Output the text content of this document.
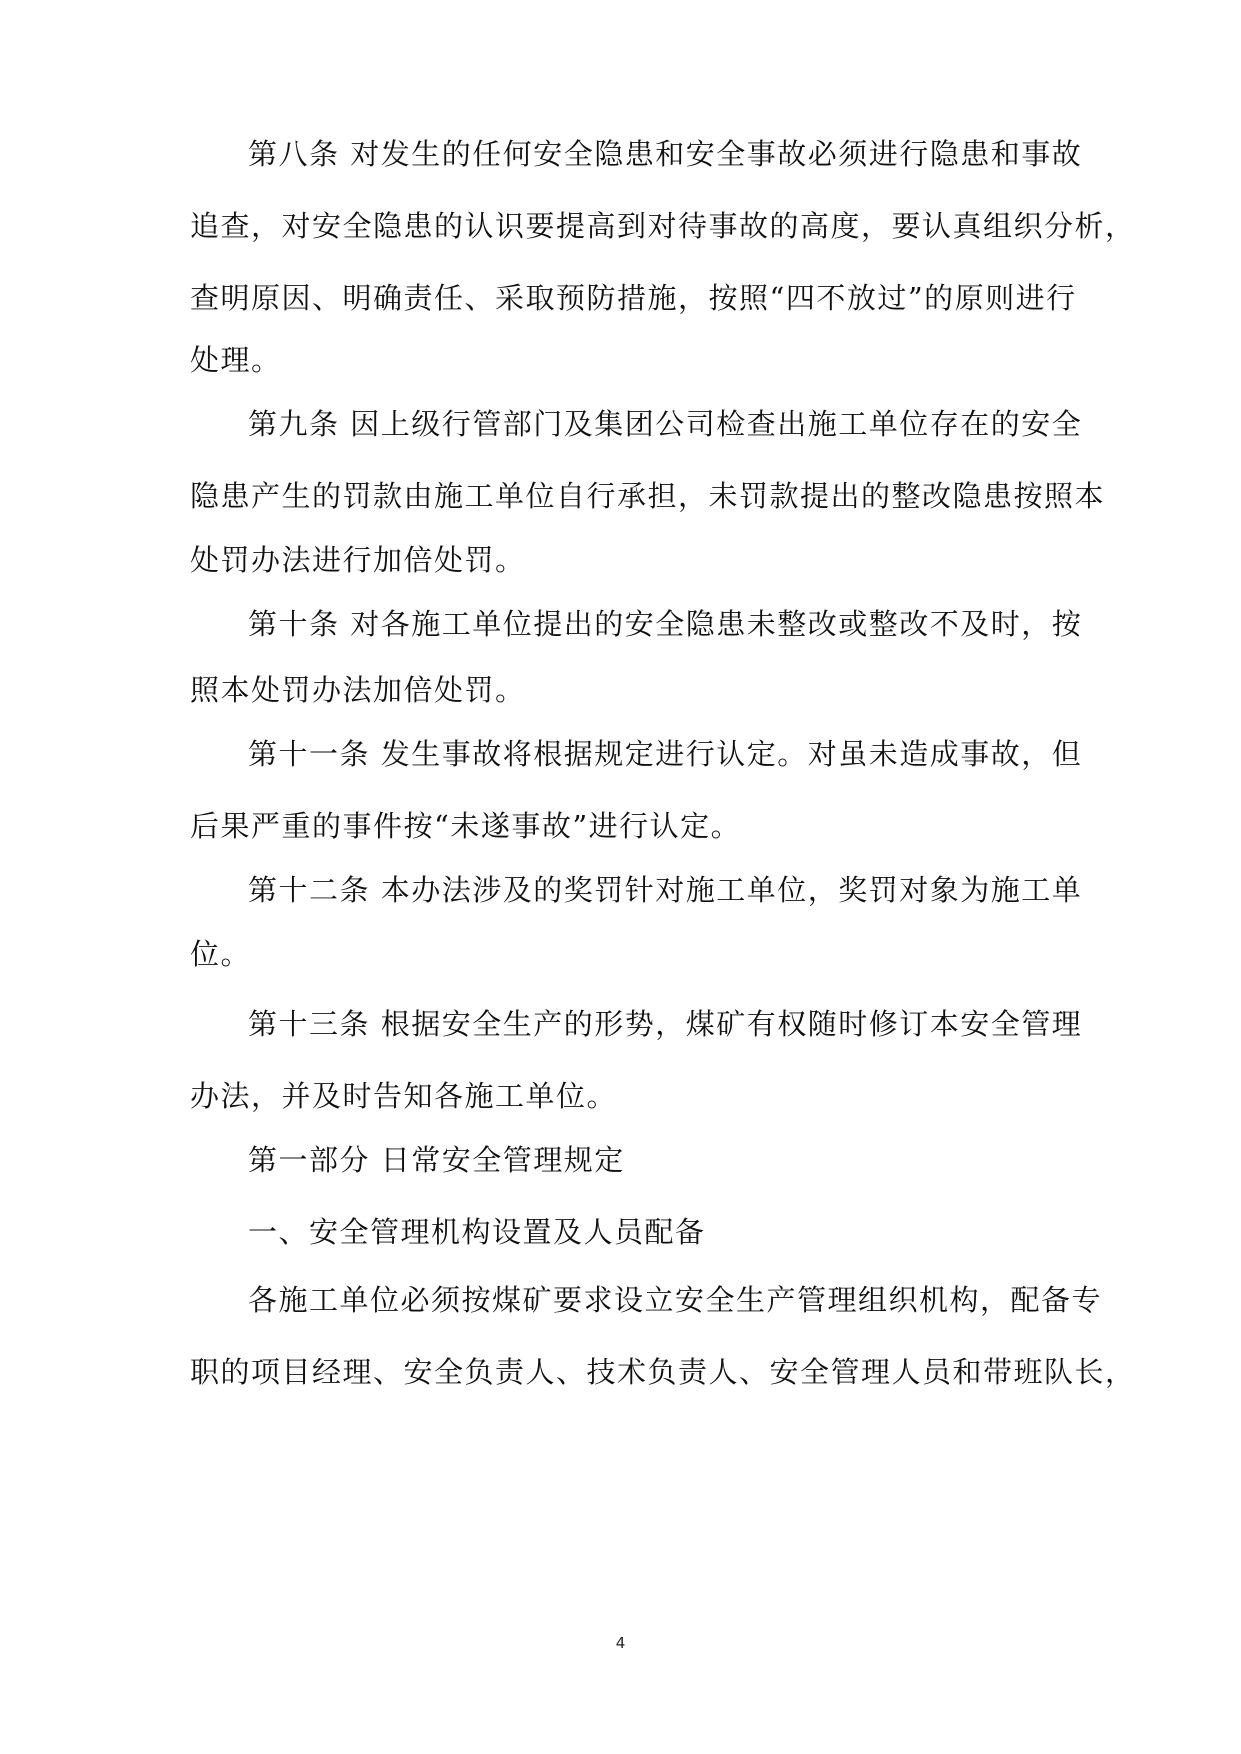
第八条 对发生的任何安全隐患和安全事故必须进行隐患和事故
追查，对安全隐患的认识要提高到对待事故的高度，要认真组织分析，
查明原因、明确责任、采取预防措施，按照“四不放过”的原则进行
处理。
第九条 因上级行管部门及集团公司检查出施工单位存在的安全
隐患产生的罚款由施工单位自行承担，未罚款提出的整改隐患按照本
处罚办法进行加倍处罚。
第十条 对各施工单位提出的安全隐患未整改或整改不及时，按
照本处罚办法加倍处罚。
第十一条 发生事故将根据规定进行认定。对虽未造成事故，但
后果严重的事件按“未遂事故”进行认定。
第十二条 本办法涉及的奖罚针对施工单位，奖罚对象为施工单
位。
第十三条 根据安全生产的形势，煤矿有权随时修订本安全管理
办法，并及时告知各施工单位。
第一部分 日常安全管理规定
一、安全管理机构设置及人员配备
各施工单位必须按煤矿要求设立安全生产管理组织机构，配备专
职的项目经理、安全负责人、技术负责人、安全管理人员和带班队长，
4
